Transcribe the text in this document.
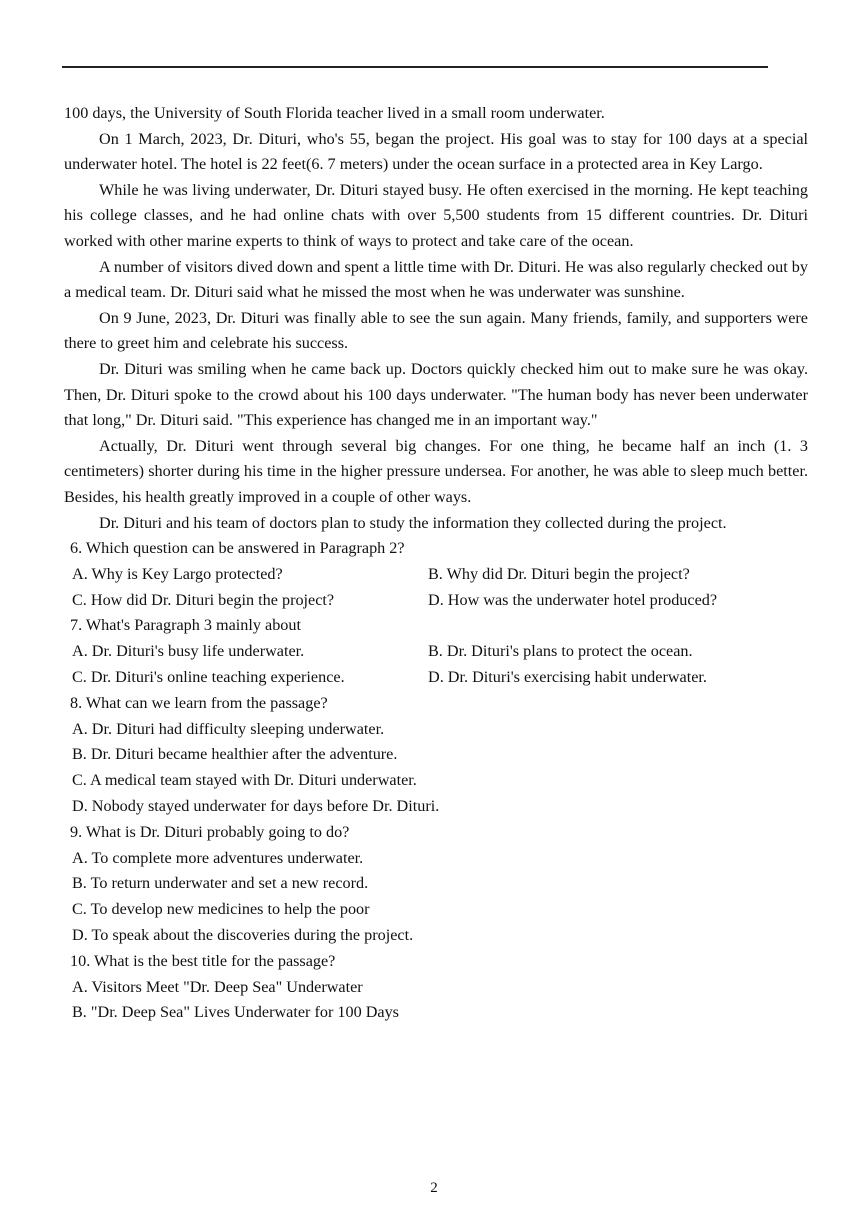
100 days, the University of South Florida teacher lived in a small room underwater.

On 1 March, 2023, Dr. Dituri, who's 55, began the project. His goal was to stay for 100 days at a special underwater hotel. The hotel is 22 feet(6. 7 meters) under the ocean surface in a protected area in Key Largo.

While he was living underwater, Dr. Dituri stayed busy. He often exercised in the morning. He kept teaching his college classes, and he had online chats with over 5,500 students from 15 different countries. Dr. Dituri worked with other marine experts to think of ways to protect and take care of the ocean.

A number of visitors dived down and spent a little time with Dr. Dituri. He was also regularly checked out by a medical team. Dr. Dituri said what he missed the most when he was underwater was sunshine.

On 9 June, 2023, Dr. Dituri was finally able to see the sun again. Many friends, family, and supporters were there to greet him and celebrate his success.

Dr. Dituri was smiling when he came back up. Doctors quickly checked him out to make sure he was okay. Then, Dr. Dituri spoke to the crowd about his 100 days underwater. "The human body has never been underwater that long," Dr. Dituri said. "This experience has changed me in an important way."

Actually, Dr. Dituri went through several big changes. For one thing, he became half an inch (1. 3 centimeters) shorter during his time in the higher pressure undersea. For another, he was able to sleep much better. Besides, his health greatly improved in a couple of other ways.

Dr. Dituri and his team of doctors plan to study the information they collected during the project.

6. Which question can be answered in Paragraph 2?

A. Why is Key Largo protected?	B. Why did Dr. Dituri begin the project?
C. How did Dr. Dituri begin the project?	D. How was the underwater hotel produced?

7. What's Paragraph 3 mainly about

A. Dr. Dituri's busy life underwater.	B. Dr. Dituri's plans to protect the ocean.
C. Dr. Dituri's online teaching experience.	D. Dr. Dituri's exercising habit underwater.

8. What can we learn from the passage?

A. Dr. Dituri had difficulty sleeping underwater.

B. Dr. Dituri became healthier after the adventure.

C. A medical team stayed with Dr. Dituri underwater.

D. Nobody stayed underwater for days before Dr. Dituri.

9. What is Dr. Dituri probably going to do?

A. To complete more adventures underwater.

B. To return underwater and set a new record.

C. To develop new medicines to help the poor

D. To speak about the discoveries during the project.

10. What is the best title for the passage?

A. Visitors Meet "Dr. Deep Sea" Underwater

B. "Dr. Deep Sea" Lives Underwater for 100 Days

2
